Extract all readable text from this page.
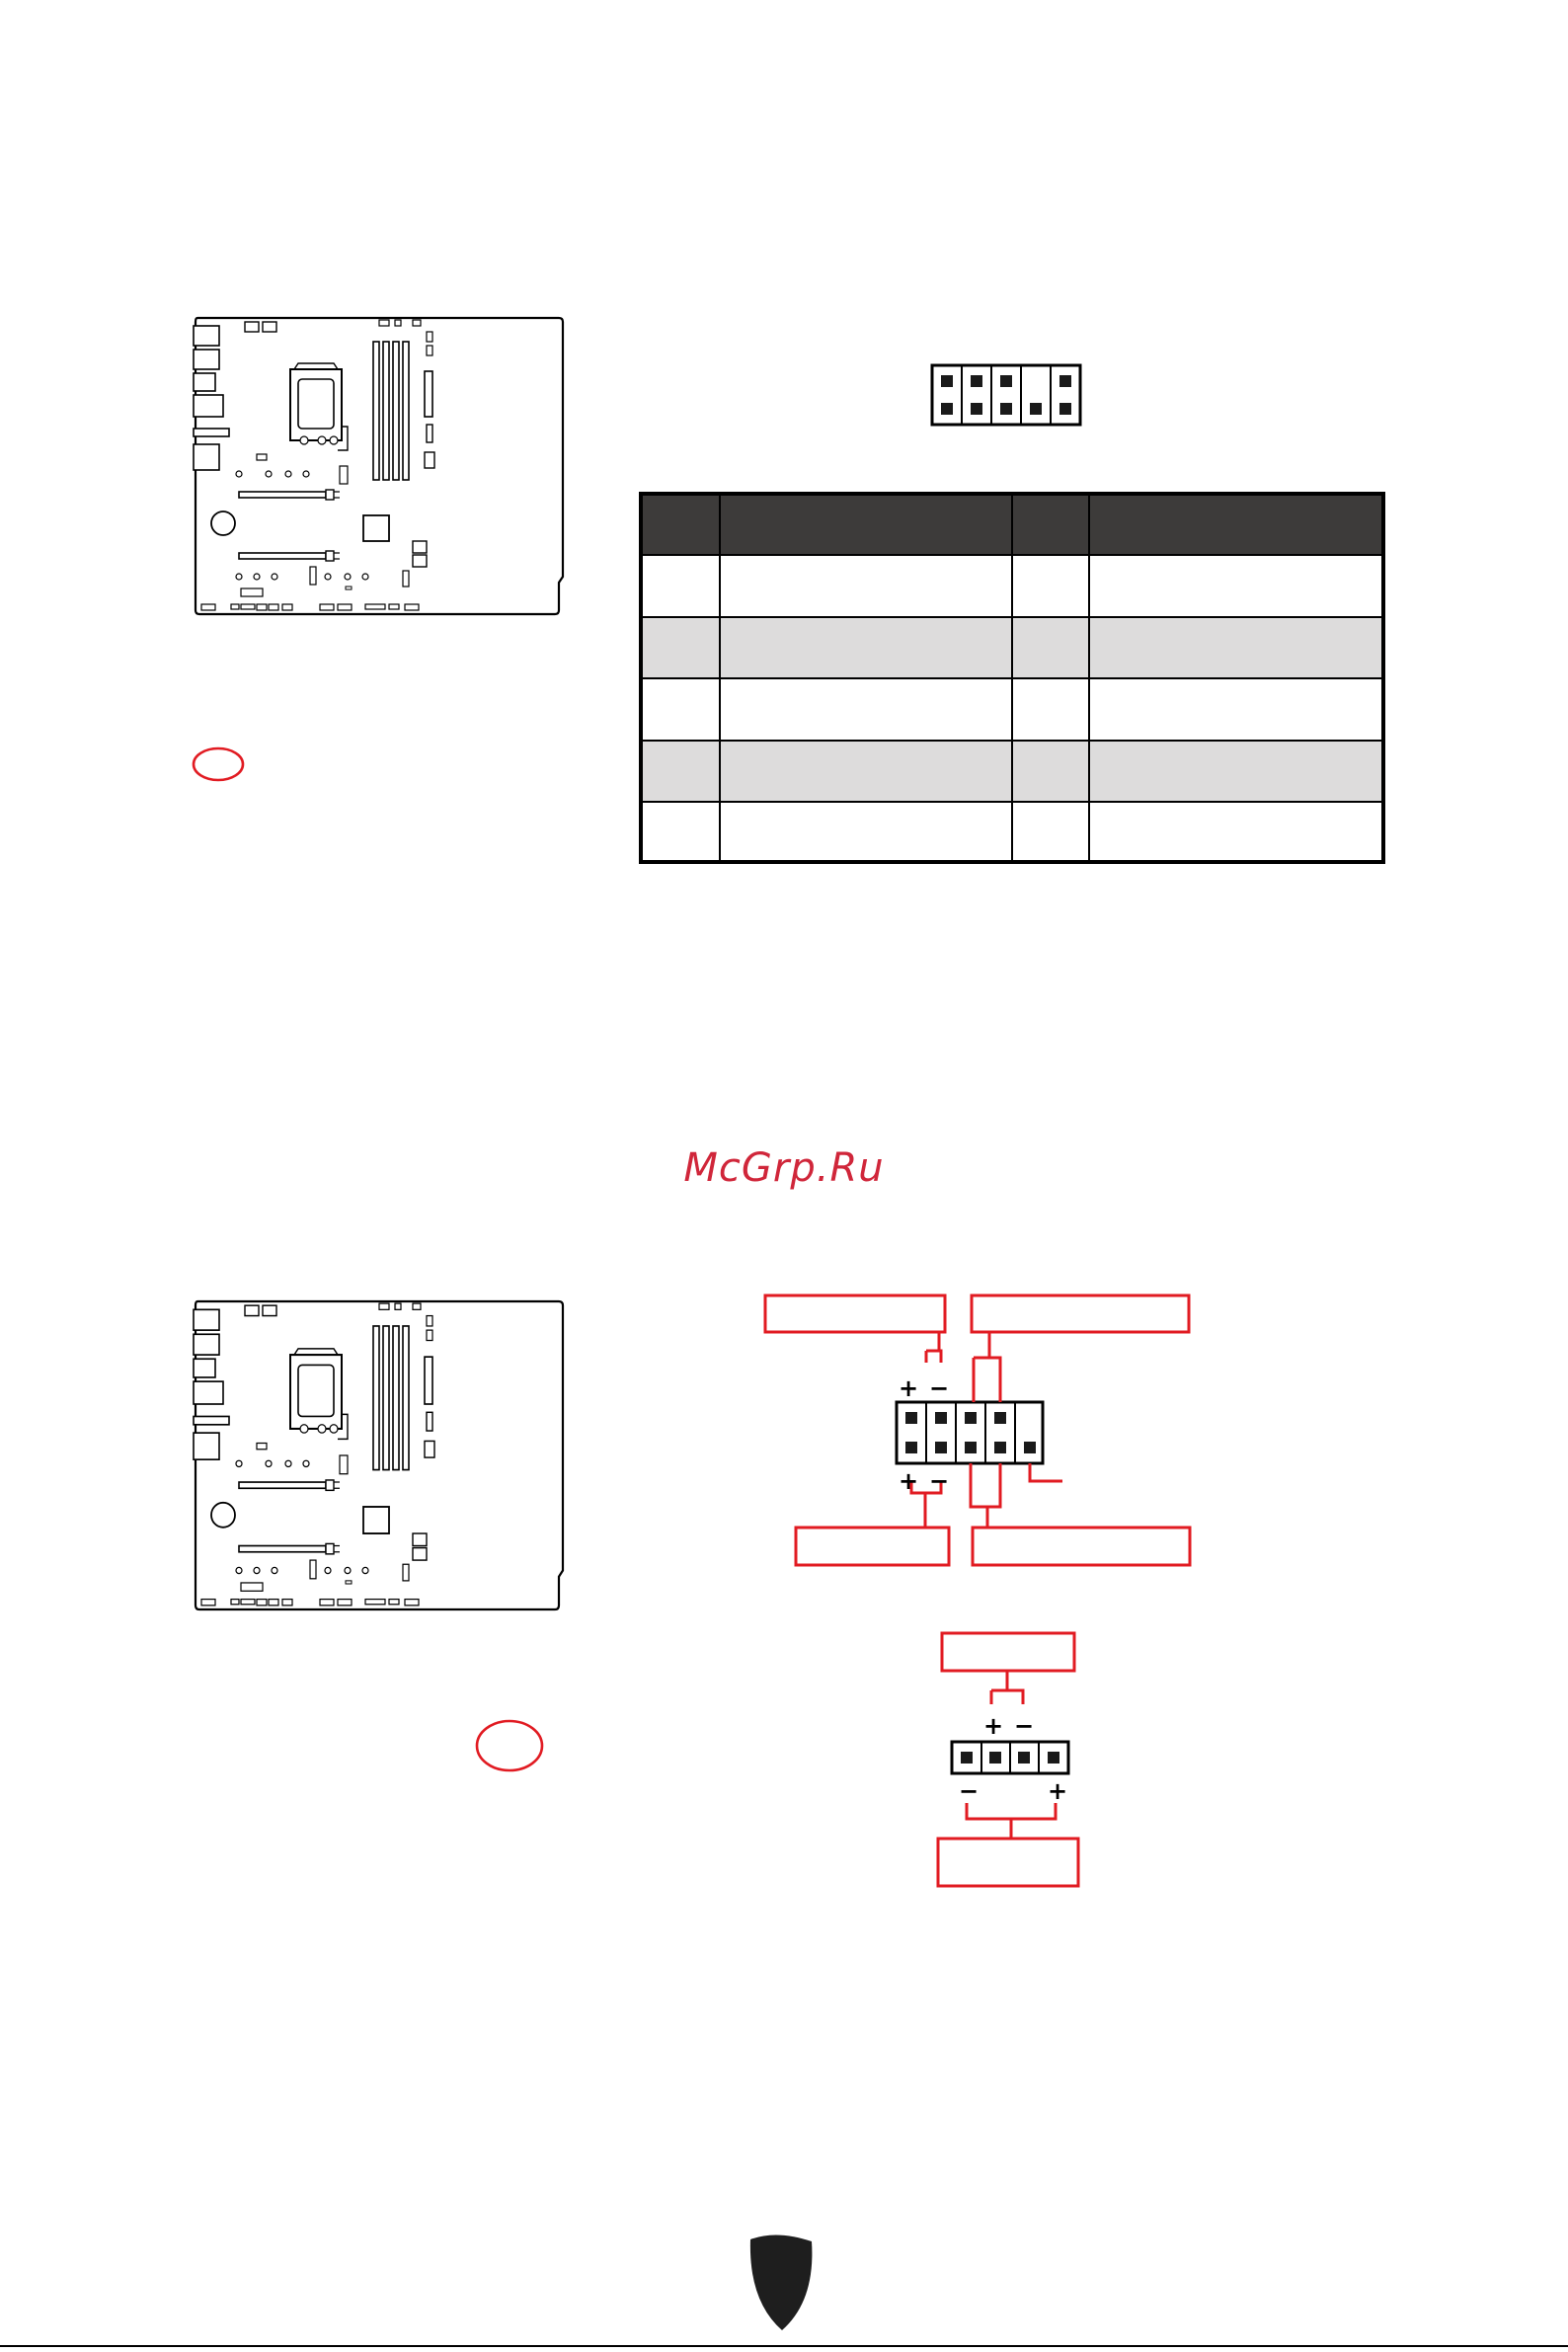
+ −
+ −
+ −
−	+
McGrp.Ru
